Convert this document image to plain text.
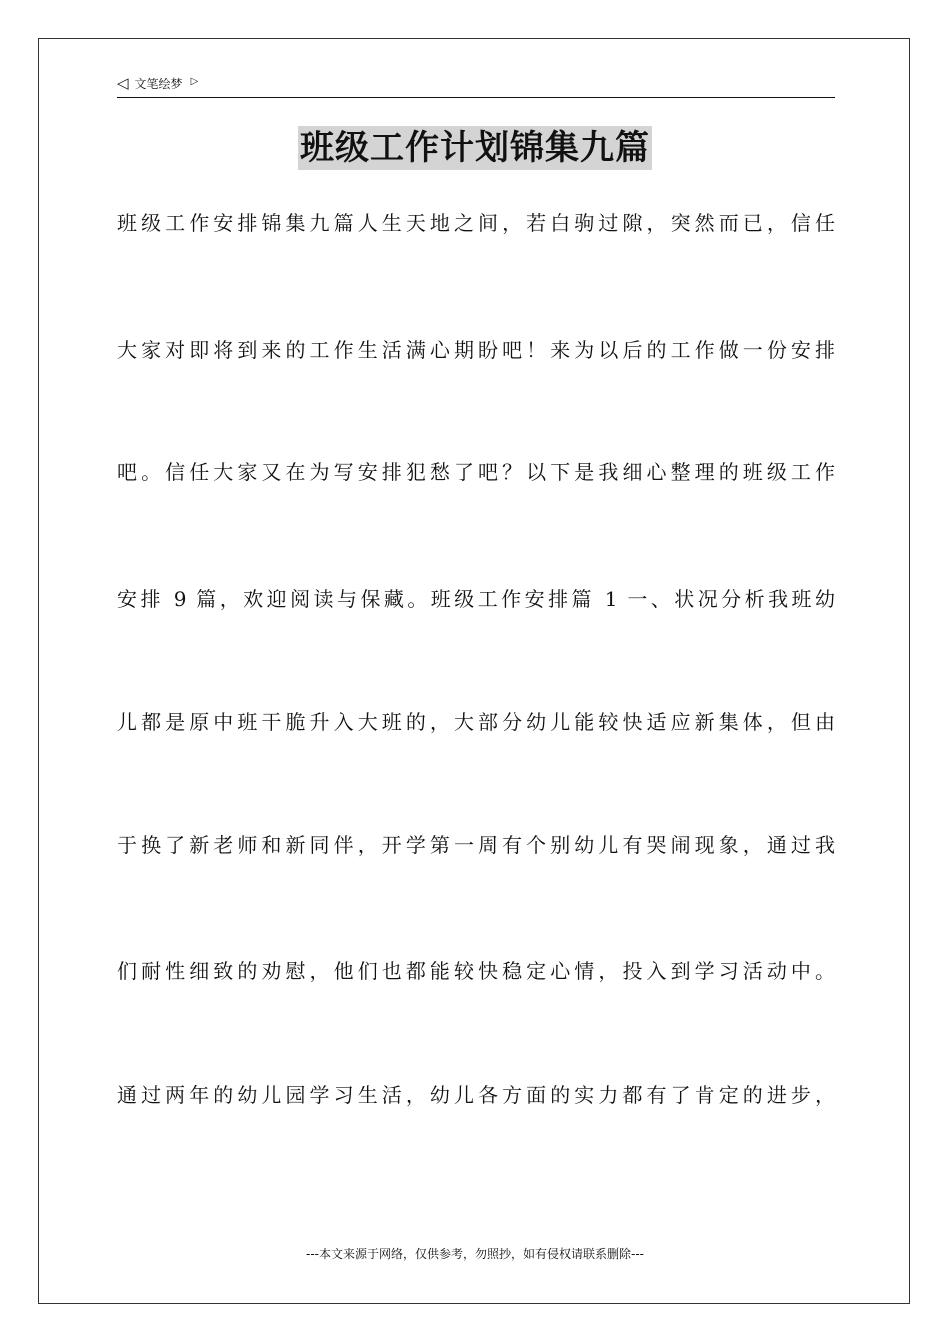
◁ 文笔绘梦 ▷
班级工作计划锦集九篇
班级工作安排锦集九篇人生天地之间，若白驹过隙，突然而已，信任
大家对即将到来的工作生活满心期盼吧！来为以后的工作做一份安排
吧。信任大家又在为写安排犯愁了吧？以下是我细心整理的班级工作
安排 9 篇，欢迎阅读与保藏。班级工作安排篇 1 一、状况分析我班幼
儿都是原中班干脆升入大班的，大部分幼儿能较快适应新集体，但由
于换了新老师和新同伴，开学第一周有个别幼儿有哭闹现象，通过我
们耐性细致的劝慰，他们也都能较快稳定心情，投入到学习活动中。
通过两年的幼儿园学习生活，幼儿各方面的实力都有了肯定的进步，
---本文来源于网络，仅供参考，勿照抄，如有侵权请联系删除---
